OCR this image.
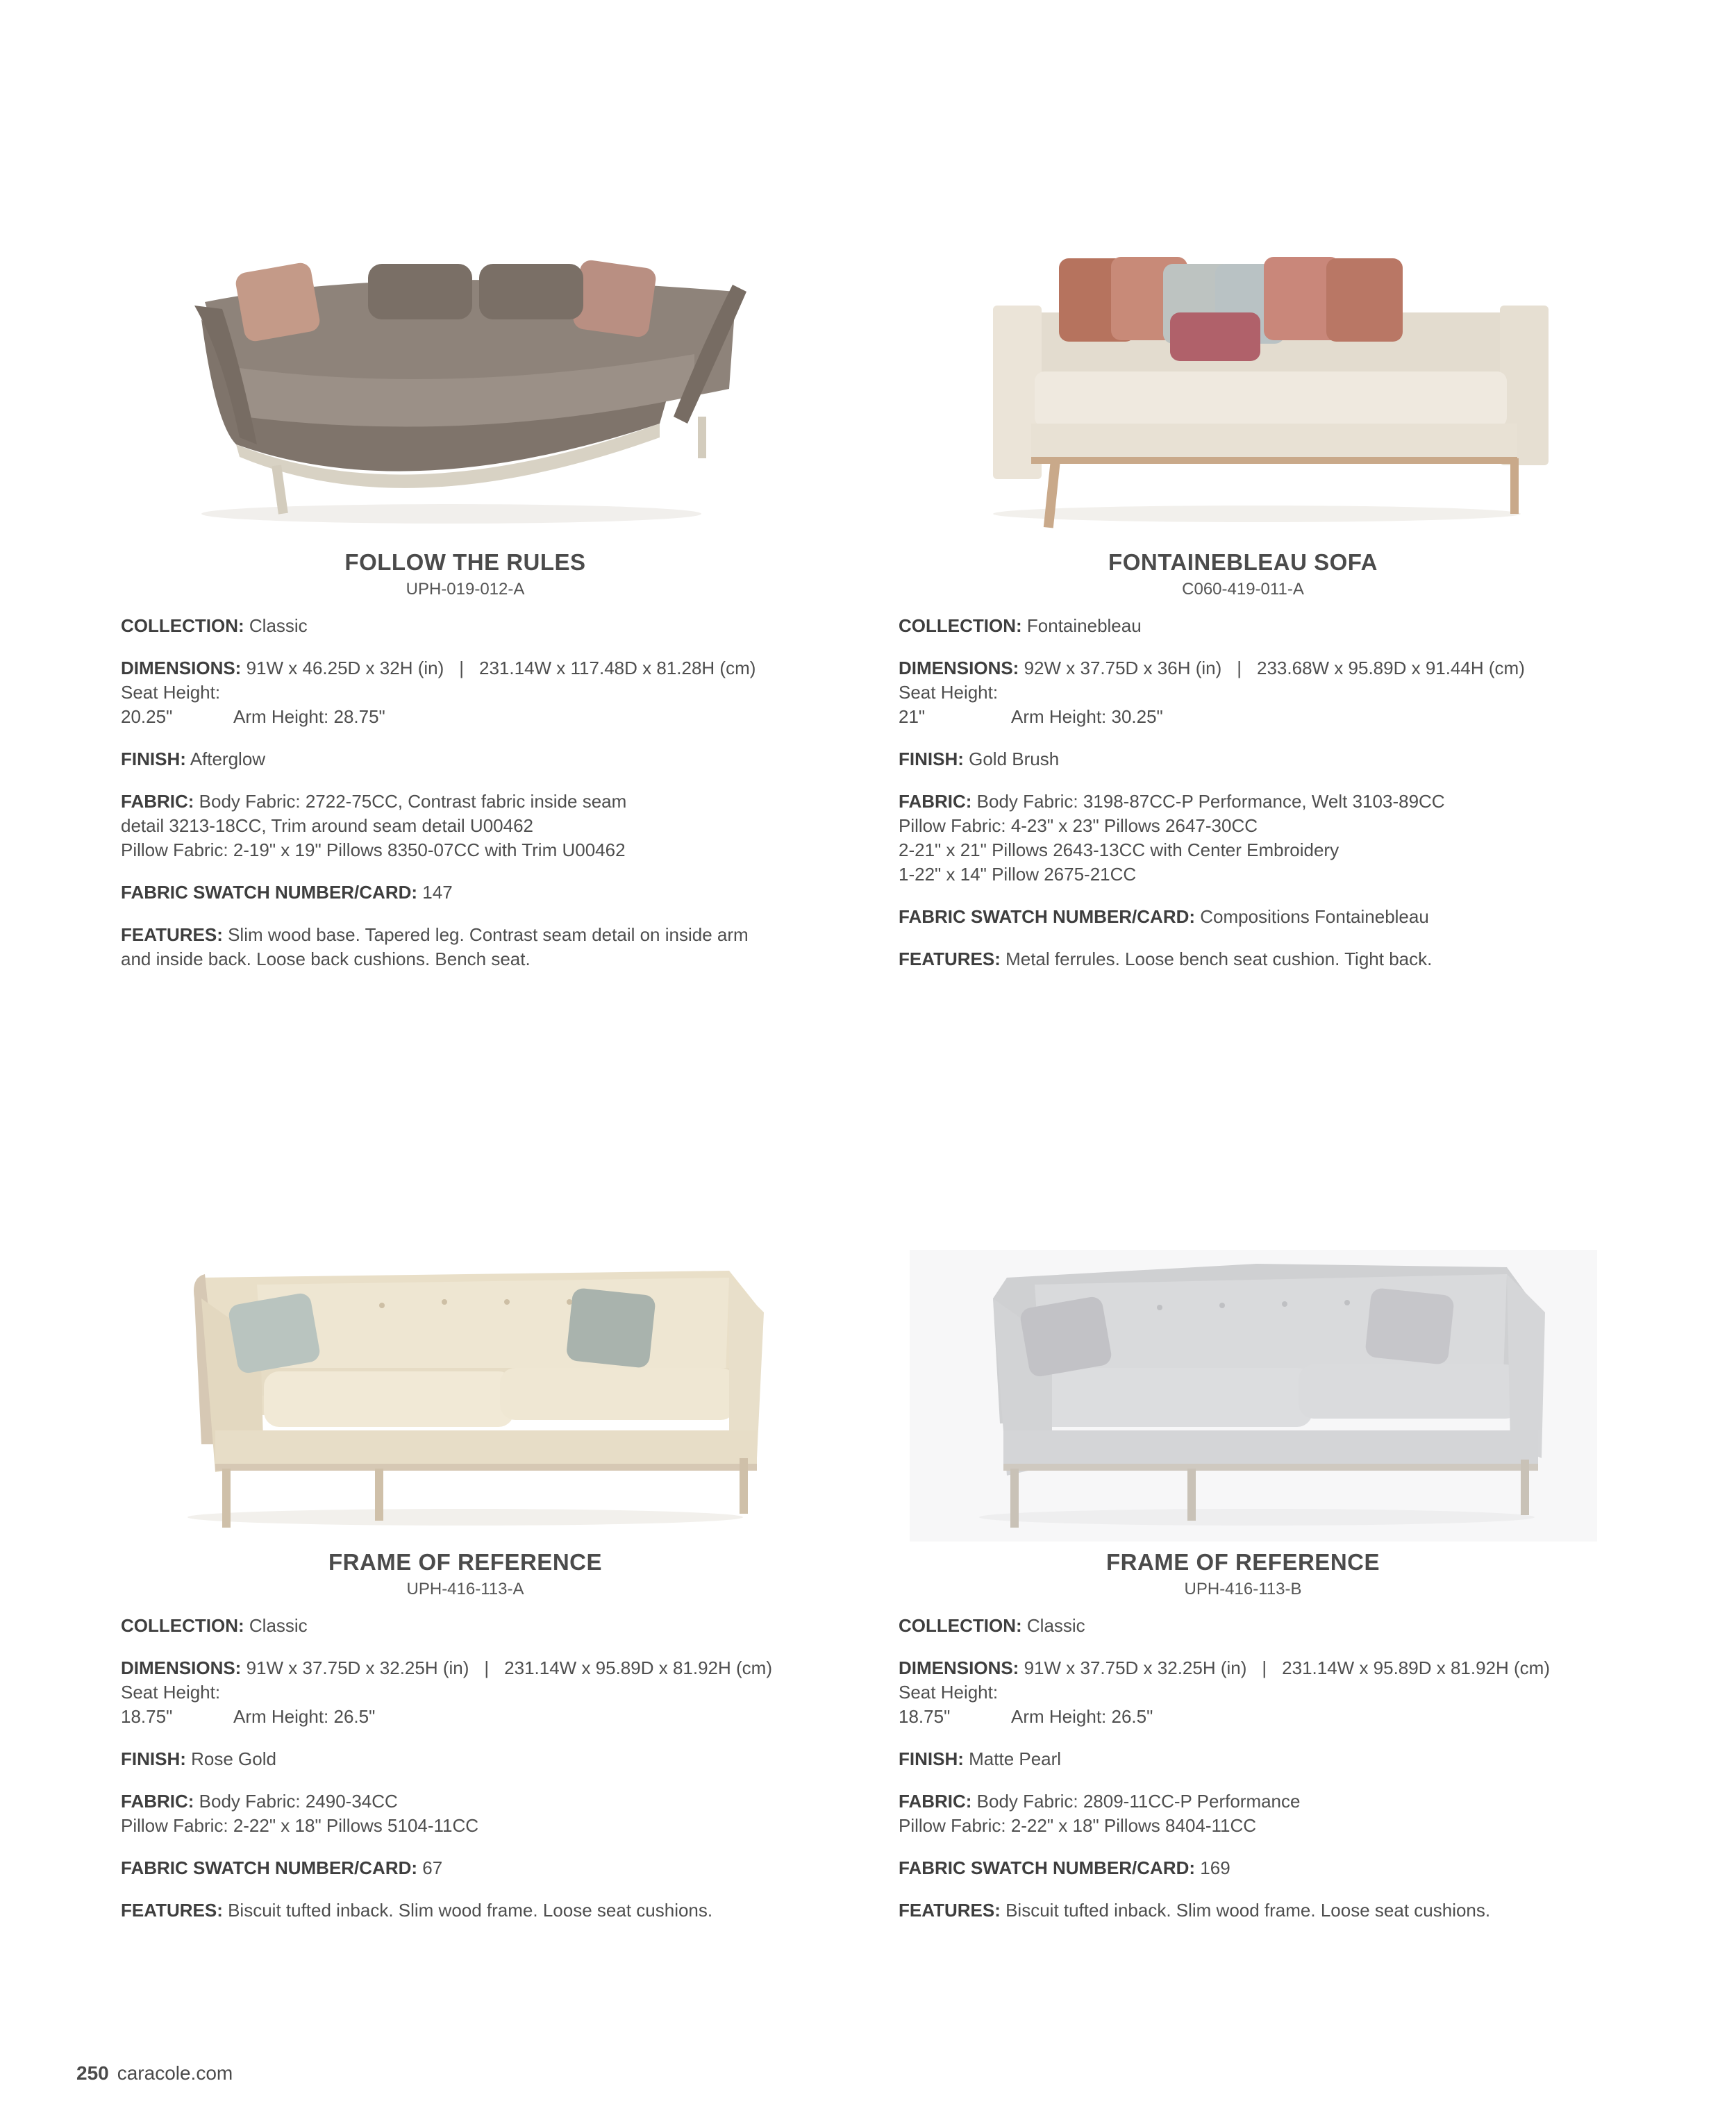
FOLLOW THE RULES
UPH-019-012-A
COLLECTION: Classic
DIMENSIONS: 91W x 46.25D x 32H (in) | 231.14W x 117.48D x 81.28H (cm)
Seat Height: 20.25"	Arm Height: 28.75"
FINISH: Afterglow
FABRIC: Body Fabric: 2722-75CC, Contrast fabric inside seam
detail 3213-18CC, Trim around seam detail U00462
Pillow Fabric: 2-19" x 19" Pillows 8350-07CC with Trim U00462
FABRIC SWATCH NUMBER/CARD: 147
FEATURES: Slim wood base. Tapered leg. Contrast seam detail on inside arm
and inside back. Loose back cushions. Bench seat.
FONTAINEBLEAU SOFA
C060-419-011-A
COLLECTION: Fontainebleau
DIMENSIONS: 92W x 37.75D x 36H (in) | 233.68W x 95.89D x 91.44H (cm)
Seat Height: 21"	Arm Height: 30.25"
FINISH: Gold Brush
FABRIC: Body Fabric: 3198-87CC-P Performance, Welt 3103-89CC
Pillow Fabric: 4-23" x 23" Pillows 2647-30CC
2-21" x 21" Pillows 2643-13CC with Center Embroidery
1-22" x 14" Pillow 2675-21CC
FABRIC SWATCH NUMBER/CARD: Compositions Fontainebleau
FEATURES: Metal ferrules. Loose bench seat cushion. Tight back.
FRAME OF REFERENCE
UPH-416-113-A
COLLECTION: Classic
DIMENSIONS: 91W x 37.75D x 32.25H (in) | 231.14W x 95.89D x 81.92H (cm)
Seat Height: 18.75"	Arm Height: 26.5"
FINISH: Rose Gold
FABRIC: Body Fabric: 2490-34CC
Pillow Fabric: 2-22" x 18" Pillows 5104-11CC
FABRIC SWATCH NUMBER/CARD: 67
FEATURES: Biscuit tufted inback. Slim wood frame. Loose seat cushions.
FRAME OF REFERENCE
UPH-416-113-B
COLLECTION: Classic
DIMENSIONS: 91W x 37.75D x 32.25H (in) | 231.14W x 95.89D x 81.92H (cm)
Seat Height: 18.75"	Arm Height: 26.5"
FINISH: Matte Pearl
FABRIC: Body Fabric: 2809-11CC-P Performance
Pillow Fabric: 2-22" x 18" Pillows 8404-11CC
FABRIC SWATCH NUMBER/CARD: 169
FEATURES: Biscuit tufted inback. Slim wood frame. Loose seat cushions.
250 caracole.com
